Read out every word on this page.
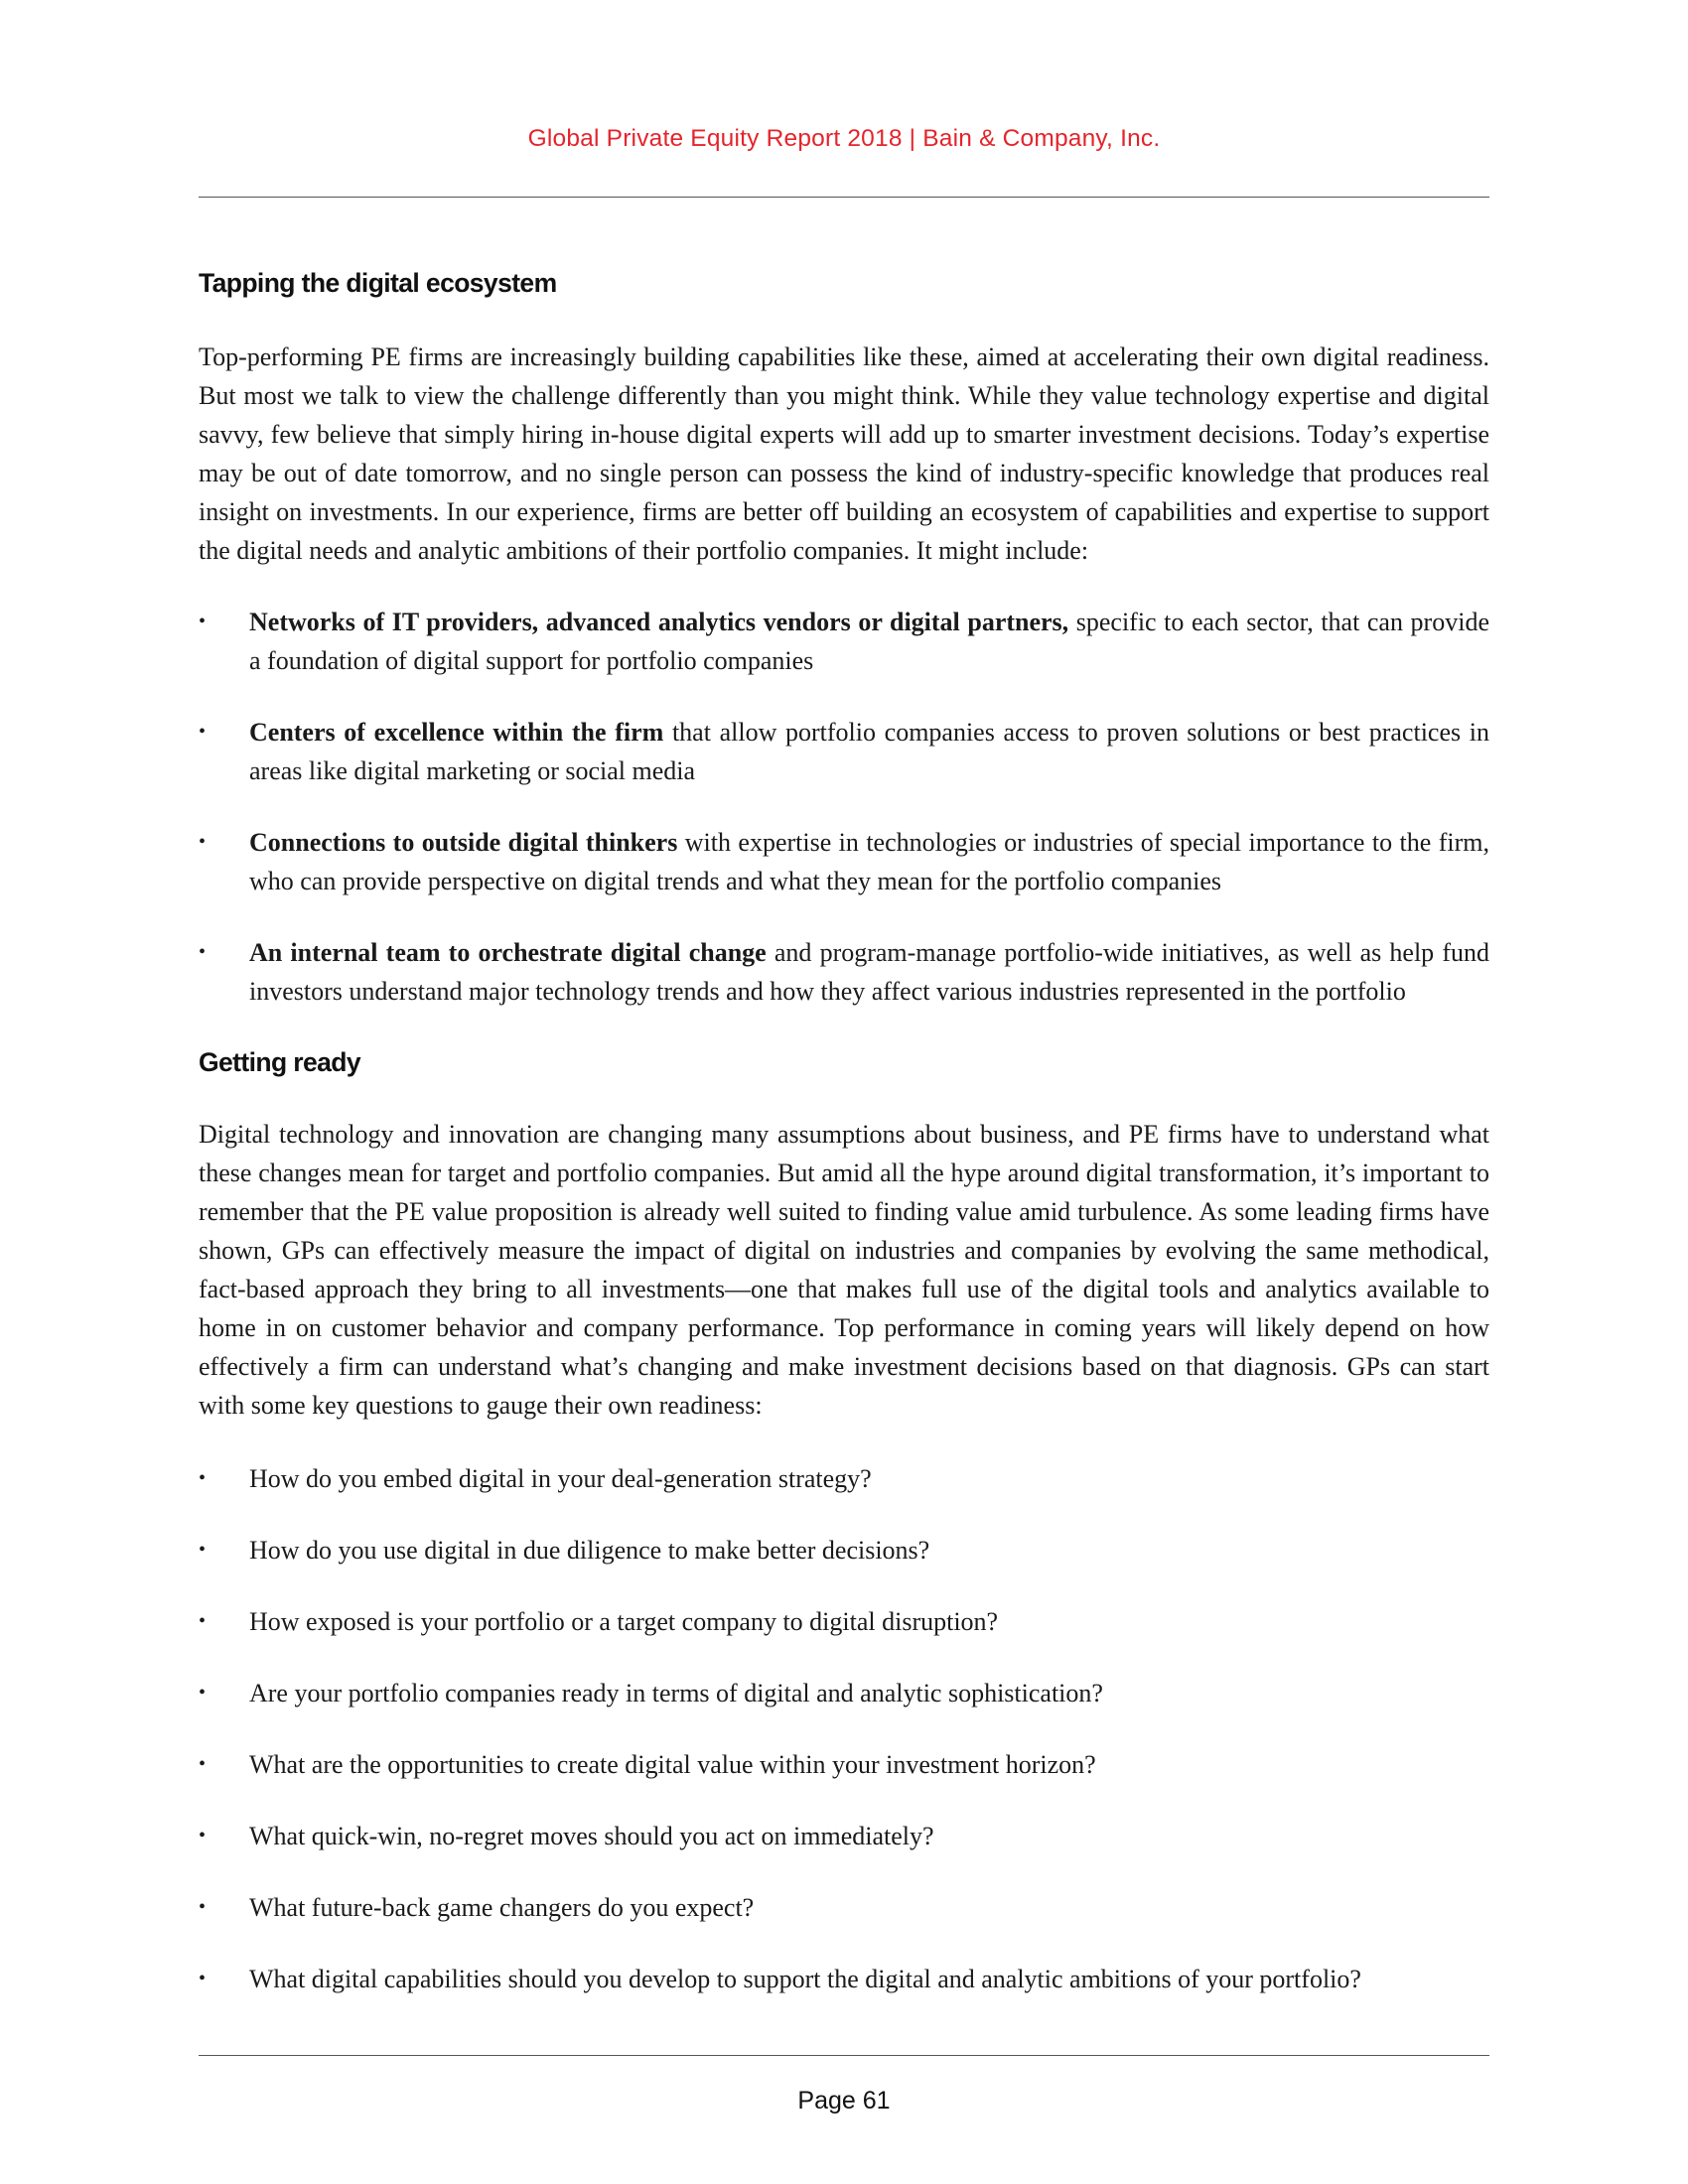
Global Private Equity Report 2018 | Bain & Company, Inc.
Tapping the digital ecosystem

Top-performing PE firms are increasingly building capabilities like these, aimed at accelerating their own digital readiness. But most we talk to view the challenge differently than you might think. While they value technology expertise and digital savvy, few believe that simply hiring in-house digital experts will add up to smarter investment decisions. Today’s expertise may be out of date tomorrow, and no single person can possess the kind of industry-specific knowledge that produces real insight on investments. In our experience, firms are better off building an ecosystem of capabilities and expertise to support the digital needs and analytic ambitions of their portfolio companies. It might include:

• Networks of IT providers, advanced analytics vendors or digital partners, specific to each sector, that can provide a foundation of digital support for portfolio companies
• Centers of excellence within the firm that allow portfolio companies access to proven solutions or best practices in areas like digital marketing or social media
• Connections to outside digital thinkers with expertise in technologies or industries of special importance to the firm, who can provide perspective on digital trends and what they mean for the portfolio companies
• An internal team to orchestrate digital change and program-manage portfolio-wide initiatives, as well as help fund investors understand major technology trends and how they affect various industries represented in the portfolio
Getting ready

Digital technology and innovation are changing many assumptions about business, and PE firms have to understand what these changes mean for target and portfolio companies. But amid all the hype around digital transformation, it’s important to remember that the PE value proposition is already well suited to finding value amid turbulence. As some leading firms have shown, GPs can effectively measure the impact of digital on industries and companies by evolving the same methodical, fact-based approach they bring to all investments—one that makes full use of the digital tools and analytics available to home in on customer behavior and company performance. Top performance in coming years will likely depend on how effectively a firm can understand what’s changing and make investment decisions based on that diagnosis. GPs can start with some key questions to gauge their own readiness:

• How do you embed digital in your deal-generation strategy?
• How do you use digital in due diligence to make better decisions?
• How exposed is your portfolio or a target company to digital disruption?
• Are your portfolio companies ready in terms of digital and analytic sophistication?
• What are the opportunities to create digital value within your investment horizon?
• What quick-win, no-regret moves should you act on immediately?
• What future-back game changers do you expect?
• What digital capabilities should you develop to support the digital and analytic ambitions of your portfolio?
Page 61
